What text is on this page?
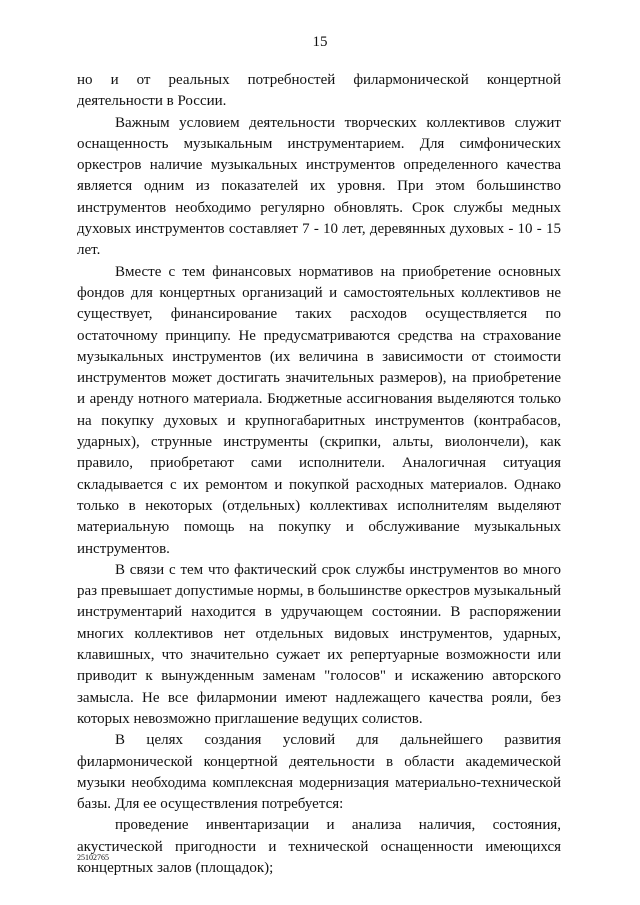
15

но и от реальных потребностей филармонической концертной деятельности в России.

Важным условием деятельности творческих коллективов служит оснащенность музыкальным инструментарием. Для симфонических оркестров наличие музыкальных инструментов определенного качества является одним из показателей их уровня. При этом большинство инструментов необходимо регулярно обновлять. Срок службы медных духовых инструментов составляет 7 - 10 лет, деревянных духовых - 10 - 15 лет.

Вместе с тем финансовых нормативов на приобретение основных фондов для концертных организаций и самостоятельных коллективов не существует, финансирование таких расходов осуществляется по остаточному принципу. Не предусматриваются средства на страхование музыкальных инструментов (их величина в зависимости от стоимости инструментов может достигать значительных размеров), на приобретение и аренду нотного материала. Бюджетные ассигнования выделяются только на покупку духовых и крупногабаритных инструментов (контрабасов, ударных), струнные инструменты (скрипки, альты, виолончели), как правило, приобретают сами исполнители. Аналогичная ситуация складывается с их ремонтом и покупкой расходных материалов. Однако только в некоторых (отдельных) коллективах исполнителям выделяют материальную помощь на покупку и обслуживание музыкальных инструментов.

В связи с тем что фактический срок службы инструментов во много раз превышает допустимые нормы, в большинстве оркестров музыкальный инструментарий находится в удручающем состоянии. В распоряжении многих коллективов нет отдельных видовых инструментов, ударных, клавишных, что значительно сужает их репертуарные возможности или приводит к вынужденным заменам "голосов" и искажению авторского замысла. Не все филармонии имеют надлежащего качества рояли, без которых невозможно приглашение ведущих солистов.

В целях создания условий для дальнейшего развития филармонической концертной деятельности в области академической музыки необходима комплексная модернизация материально-технической базы. Для ее осуществления потребуется:

проведение инвентаризации и анализа наличия, состояния, акустической пригодности и технической оснащенности имеющихся концертных залов (площадок);

25102765
